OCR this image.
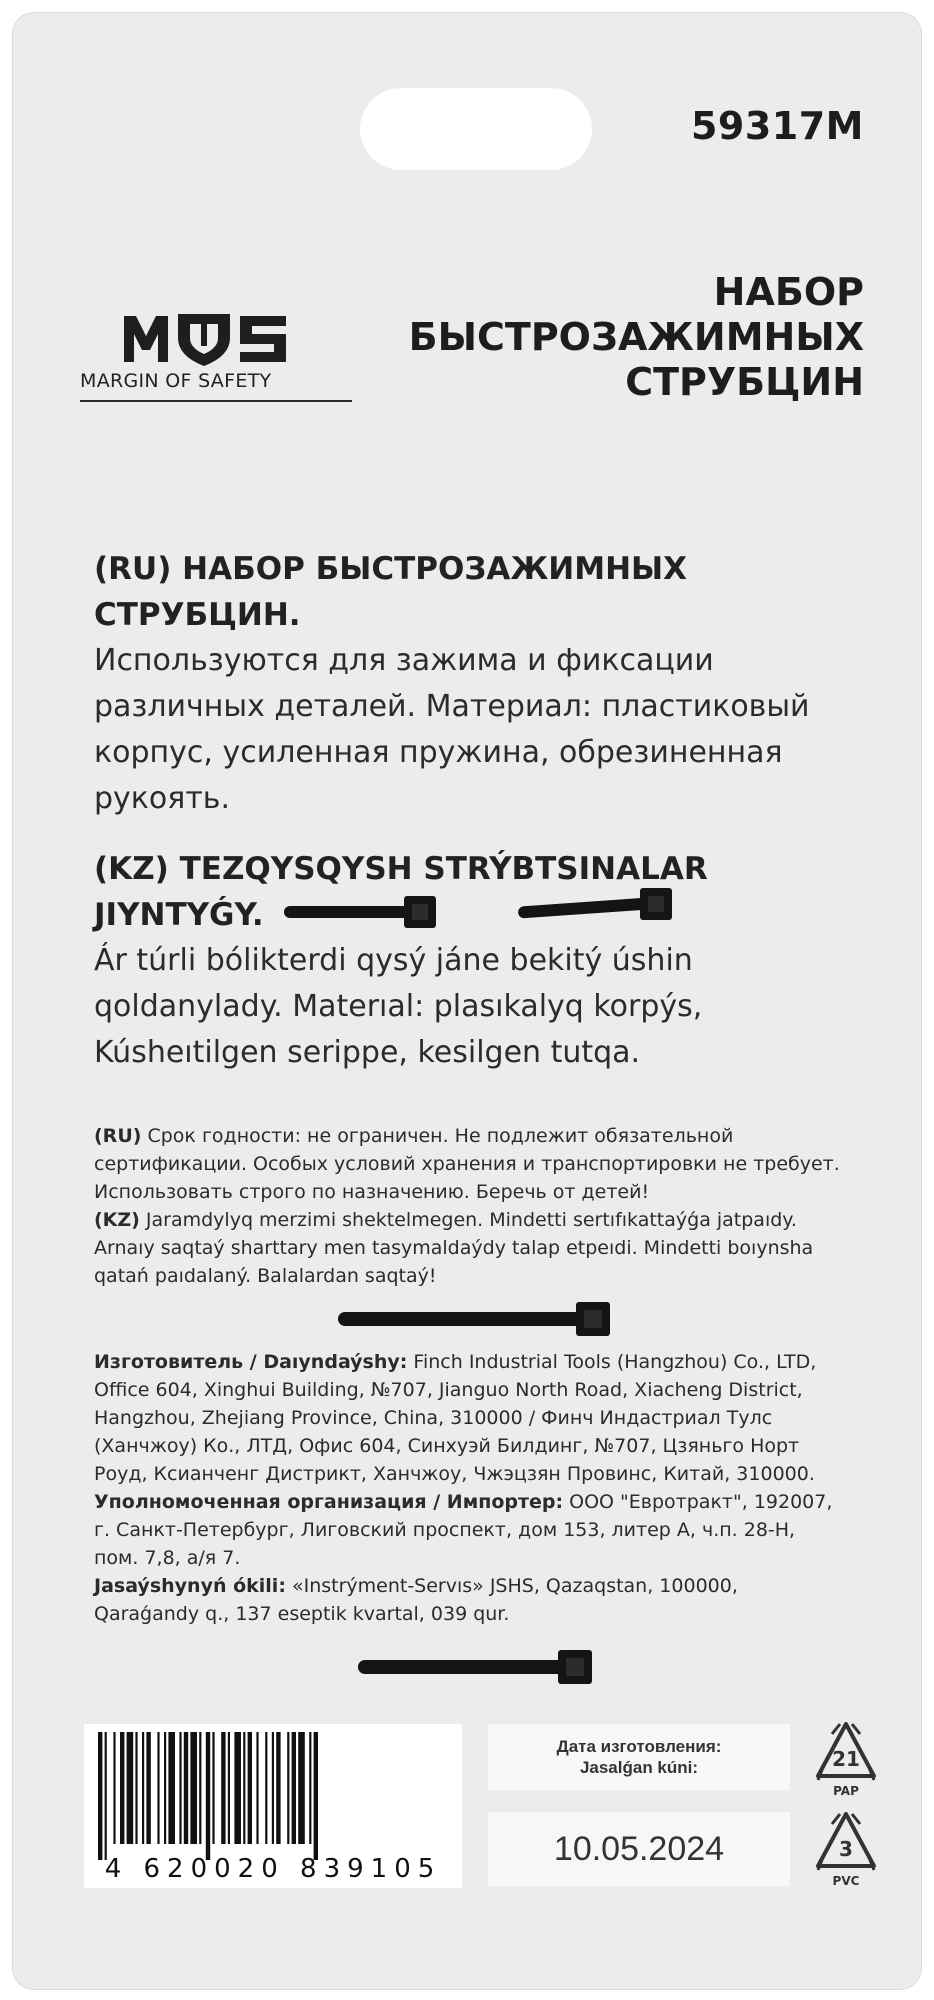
59317M
НАБОР
БЫСТРОЗАЖИМНЫХ
СТРУБЦИН
MARGIN OF SAFETY
(RU) НАБОР БЫСТРОЗАЖИМНЫХ
СТРУБЦИН.
Используются для зажима и фиксации
различных деталей. Материал: пластиковый
корпус, усиленная пружина, обрезиненная
рукоять.
(KZ) TEZQYSQYSH STRÝBTSINALAR
JIYNTYǴY.
Ár túrli bólikterdi qysý jáne bekitý úshin
qoldanylady. Materıal: plasıkalyq korpýs,
Kúsheıtilgen serippe, kesilgen tutqa.
(RU) Срок годности: не ограничен. Не подлежит обязательной
сертификации. Особых условий хранения и транспортировки не требует.
Использовать строго по назначению. Беречь от детей!
(KZ) Jaramdylyq merzimi shektelmegen. Mindetti sertıfıkattaýǵa jatpaıdy.
Arnaıy saqtaý sharttary men tasymaldaýdy talap etpeıdi. Mindetti boıynsha
qatań paıdalaný. Balalardan saqtaý!
Изготовитель / Daıyndaýshy: Finch Industrial Tools (Hangzhou) Co., LTD,
Office 604, Xinghui Building, №707, Jianguo North Road, Xiacheng District,
Hangzhou, Zhejiang Province, China, 310000 / Финч Индастриал Тулс
(Ханчжоу) Ко., ЛТД, Офис 604, Синхуэй Билдинг, №707, Цзяньго Норт
Роуд, Ксианченг Дистрикт, Ханчжоу, Чжэцзян Провинс, Китай, 310000.
Уполномоченная организация / Импортер: ООО "Евротракт", 192007,
г. Санкт-Петербург, Лиговский проспект, дом 153, литер А, ч.п. 28-Н,
пом. 7,8, а/я 7.
Jasaýshynyń ókili: «Instrýment-Servıs» JSHS, Qazaqstan, 100000,
Qaraǵandy q., 137 eseptik kvartal, 039 qur.
4 620020 839105
Дата изготовления:
Jasalǵan kúni:
10.05.2024
21
PAP
3
PVC
